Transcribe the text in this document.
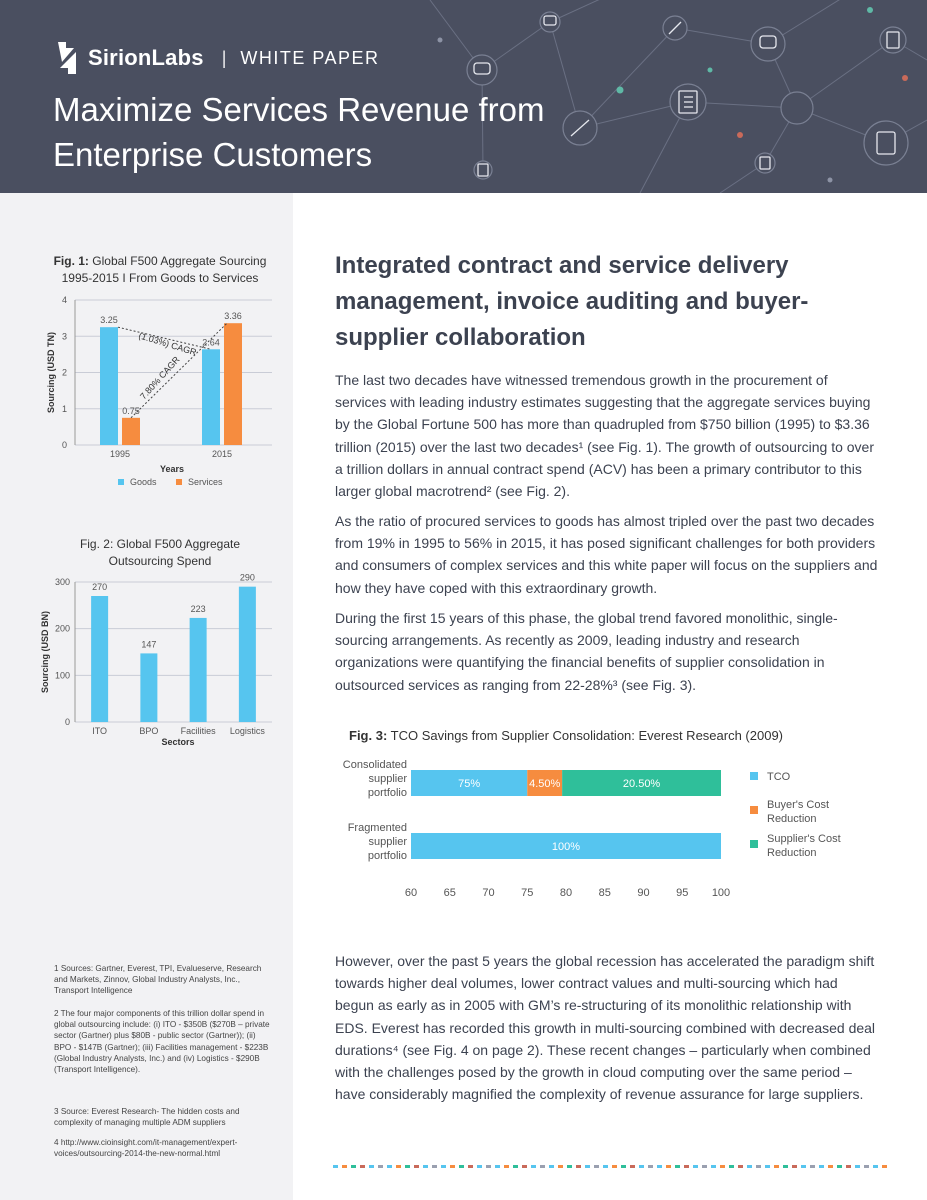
SirionLabs | WHITE PAPER
Maximize Services Revenue from
Enterprise Customers
Fig. 1: Global F500 Aggregate Sourcing
1995-2015 I From Goods to Services
0
1
2
3
4
Sourcing (USD TN)
3.25
2.64
0.75
3.36
(1.03%) CAGR
7.80% CAGR
1995	2015
Years
Goods	Services
Fig. 2: Global F500 Aggregate
Outsourcing Spend
0
100
200
300
Sourcing (USD BN)
270
ITO
147
BPO
223
Facilities
290
Logistics
Sectors
1 Sources: Gartner, Everest, TPI, Evalueserve, Research and Markets, Zinnov, Global Industry Analysts, Inc., Transport Intelligence
2 The four major components of this trillion dollar spend in global outsourcing include: (i) ITO - $350B ($270B – private sector (Gartner) plus $80B - public sector (Gartner)); (ii) BPO - $147B (Gartner); (iii) Facilities management - $223B (Global Industry Analysts, Inc.) and (iv) Logistics - $290B (Transport Intelligence).
3 Source: Everest Research- The hidden costs and complexity of managing multiple ADM suppliers
4 http://www.cioinsight.com/it-management/expert-voices/outsourcing-2014-the-new-normal.html
Integrated contract and service delivery management, invoice auditing and buyer-supplier collaboration

The last two decades have witnessed tremendous growth in the procurement of services with leading industry estimates suggesting that the aggregate services buying by the Global Fortune 500 has more than quadrupled from $750 billion (1995) to $3.36 trillion (2015) over the last two decades¹ (see Fig. 1). The growth of outsourcing to over a trillion dollars in annual contract spend (ACV) has been a primary contributor to this larger global macrotrend² (see Fig. 2).

As the ratio of procured services to goods has almost tripled over the past two decades from 19% in 1995 to 56% in 2015, it has posed significant challenges for both providers and consumers of complex services and this white paper will focus on the suppliers and how they have coped with this extraordinary growth.

During the first 15 years of this phase, the global trend favored monolithic, single-sourcing arrangements. As recently as 2009, leading industry and research organizations were quantifying the financial benefits of supplier consolidation in outsourced services as ranging from 22-28%³ (see Fig. 3).

Fig. 3: TCO Savings from Supplier Consolidation: Everest Research (2009)
75%	4.50%	20.50%
Consolidated
supplier
portfolio
100%
Fragmented
supplier
portfolio
60 65 70 75 80 85 90 95 100
TCO
Buyer's Cost
Reduction
Supplier's Cost
Reduction

However, over the past 5 years the global recession has accelerated the paradigm shift towards higher deal volumes, lower contract values and multi-sourcing which had begun as early as in 2005 with GM’s re-structuring of its monolithic relationship with EDS. Everest has recorded this growth in multi-sourcing combined with decreased deal durations⁴ (see Fig. 4 on page 2). These recent changes – particularly when combined with the challenges posed by the growth in cloud computing over the same period – have considerably magnified the complexity of revenue assurance for large suppliers.
